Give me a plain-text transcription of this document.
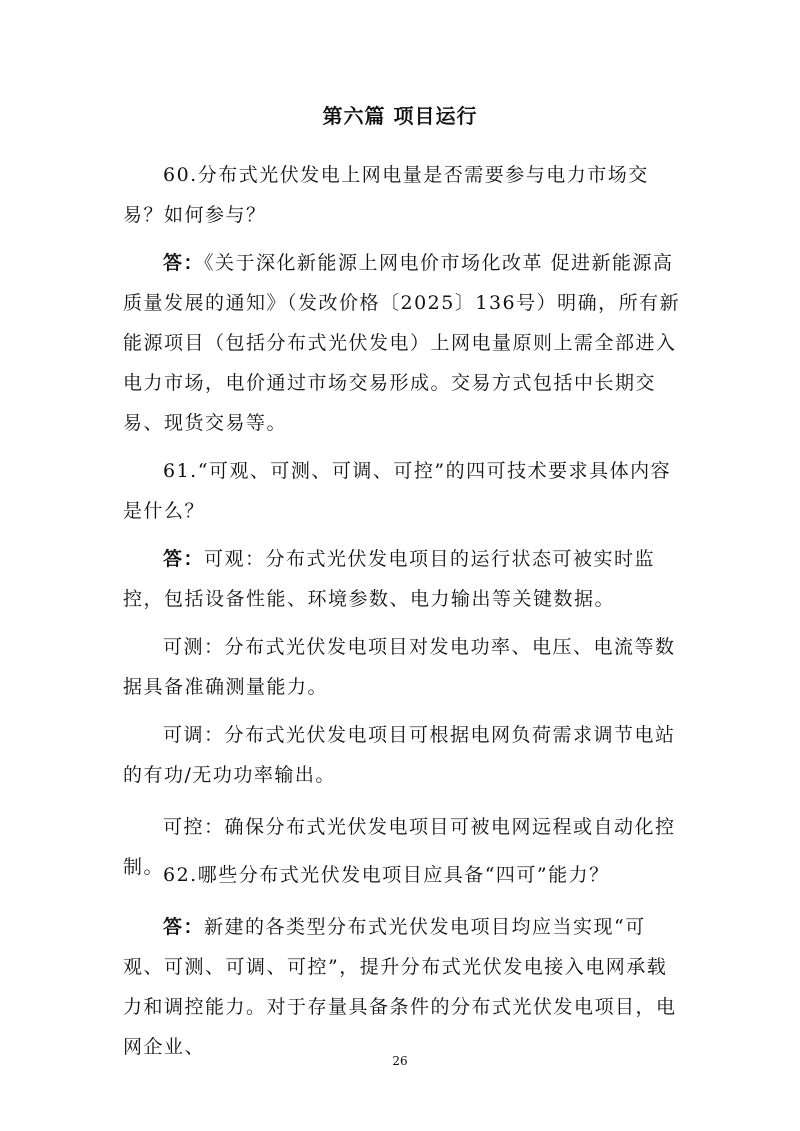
第六篇 项目运行

60.分布式光伏发电上网电量是否需要参与电力市场交易？如何参与？

答：《关于深化新能源上网电价市场化改革 促进新能源高质量发展的通知》（发改价格〔2025〕136号）明确，所有新能源项目（包括分布式光伏发电）上网电量原则上需全部进入电力市场，电价通过市场交易形成。交易方式包括中长期交易、现货交易等。

61.“可观、可测、可调、可控”的四可技术要求具体内容是什么？

答：可观：分布式光伏发电项目的运行状态可被实时监控，包括设备性能、环境参数、电力输出等关键数据。

可测：分布式光伏发电项目对发电功率、电压、电流等数据具备准确测量能力。

可调：分布式光伏发电项目可根据电网负荷需求调节电站的有功/无功功率输出。

可控：确保分布式光伏发电项目可被电网远程或自动化控制。

62.哪些分布式光伏发电项目应具备“四可”能力？

答：新建的各类型分布式光伏发电项目均应当实现“可观、可测、可调、可控”，提升分布式光伏发电接入电网承载力和调控能力。对于存量具备条件的分布式光伏发电项目，电网企业、

26
